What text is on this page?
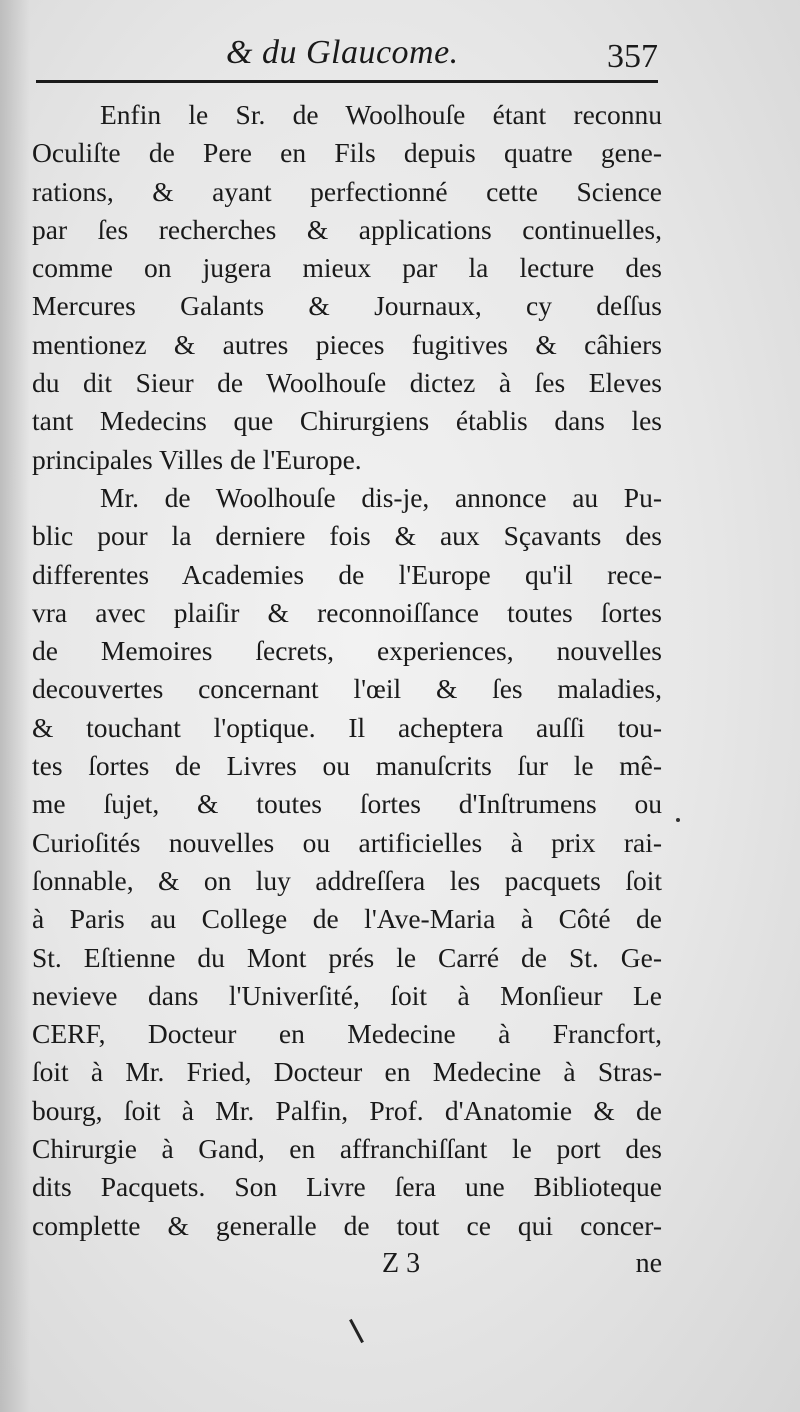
& du Glaucome.	357
Enfin le Sr. de Woolhouſe étant reconnu
Oculiſte de Pere en Fils depuis quatre gene-
rations, & ayant perfectionné cette Science
par ſes recherches & applications continuelles,
comme on jugera mieux par la lecture des
Mercures Galants & Journaux, cy deſſus
mentionez & autres pieces fugitives & câhiers
du dit Sieur de Woolhouſe dictez à ſes Eleves
tant Medecins que Chirurgiens établis dans les
principales Villes de l'Europe.
Mr. de Woolhouſe dis-je, annonce au Pu-
blic pour la derniere fois & aux Sçavants des
differentes Academies de l'Europe qu'il rece-
vra avec plaiſir & reconnoiſſance toutes ſortes
de Memoires ſecrets, experiences, nouvelles
decouvertes concernant l'œil & ſes maladies,
& touchant l'optique. Il acheptera auſſi tou-
tes ſortes de Livres ou manuſcrits ſur le mê-
me ſujet, & toutes ſortes d'Inſtrumens ou
Curioſités nouvelles ou artificielles à prix rai-
ſonnable, & on luy addreſſera les pacquets ſoit
à Paris au College de l'Ave-Maria à Côté de
St. Eſtienne du Mont prés le Carré de St. Ge-
nevieve dans l'Univerſité, ſoit à Monſieur Le
CERF, Docteur en Medecine à Francfort,
ſoit à Mr. Fried, Docteur en Medecine à Stras-
bourg, ſoit à Mr. Palfin, Prof. d'Anatomie & de
Chirurgie à Gand, en affranchiſſant le port des
dits Pacquets. Son Livre ſera une Biblioteque
complette & generalle de tout ce qui concer-
Z 3	ne
